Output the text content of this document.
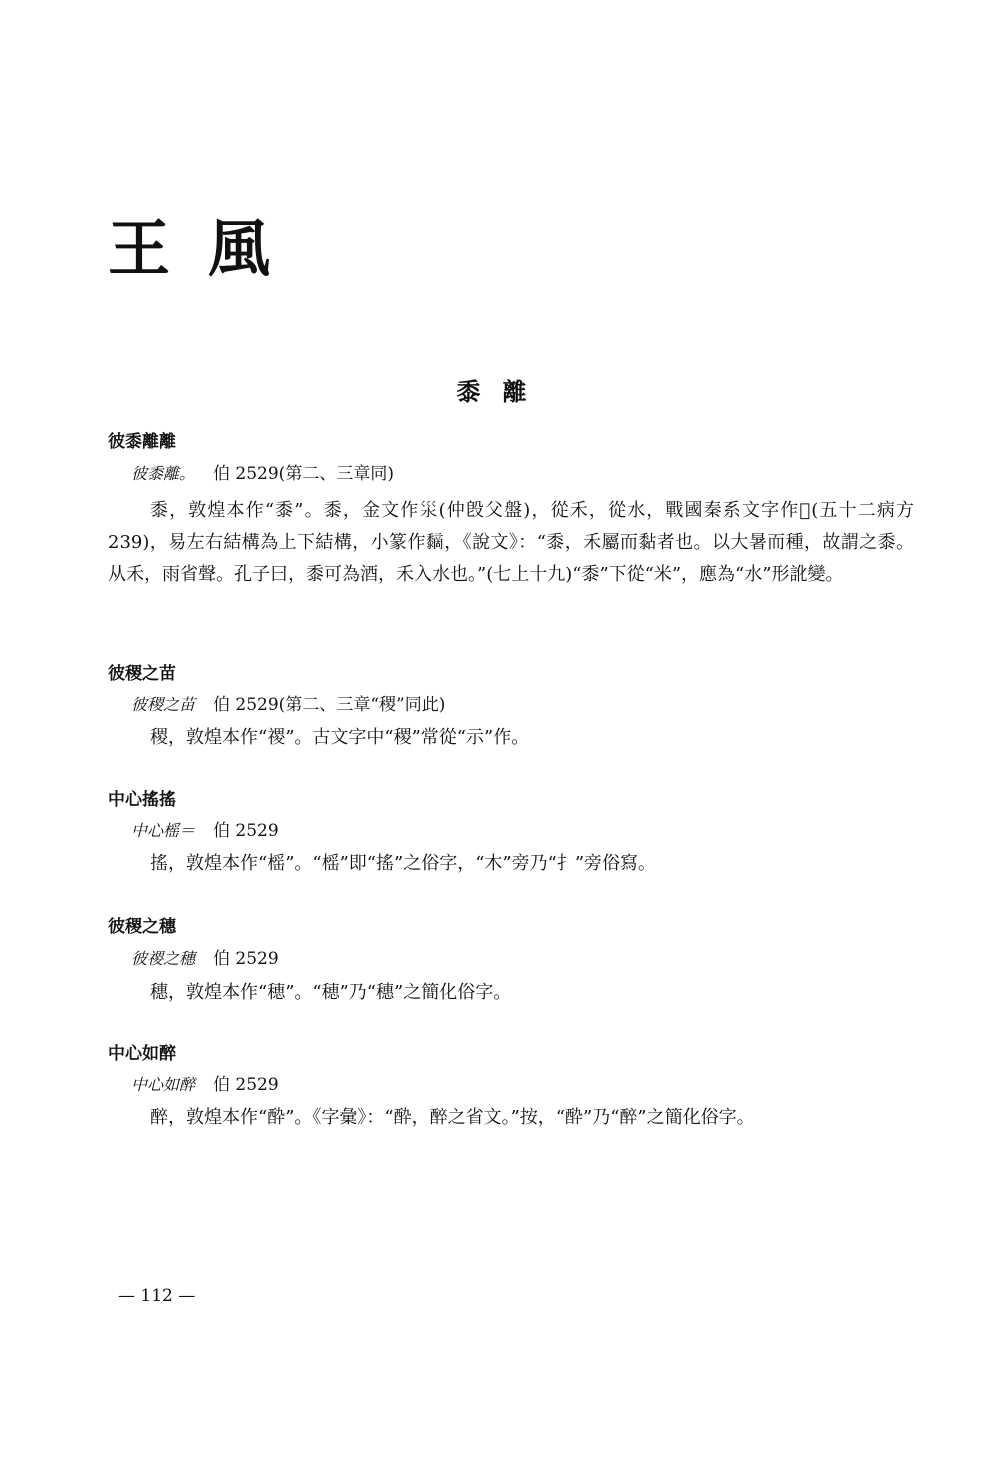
王風
黍離
彼黍離離
彼黍離。 伯 2529(第二、三章同)
黍，敦煌本作“黍”。黍，金文作𣲂(仲𣪘父盤)，從禾，從水，戰國秦系文字作𥞊(五十二病方 239)，易左右結構為上下結構，小篆作𪐏，《說文》：“黍，禾屬而黏者也。以大暑而種，故謂之黍。从禾，雨省聲。孔子曰，黍可為酒，禾入水也。”(七上十九)“黍”下從“米”，應為“水”形訛變。
彼稷之苗
彼稷之苗 伯 2529(第二、三章“稷”同此)
稷，敦煌本作“禝”。古文字中“稷”常從“示”作。
中心搖搖
中心榣＝ 伯 2529
搖，敦煌本作“榣”。“榣”即“搖”之俗字，“木”旁乃“扌”旁俗寫。
彼稷之穗
彼禝之穗 伯 2529
穗，敦煌本作“穂”。“穂”乃“穗”之簡化俗字。
中心如醉
中心如醉 伯 2529
醉，敦煌本作“酔”。《字彙》：“酔，醉之省文。”按，“酔”乃“醉”之簡化俗字。
— 112 —
